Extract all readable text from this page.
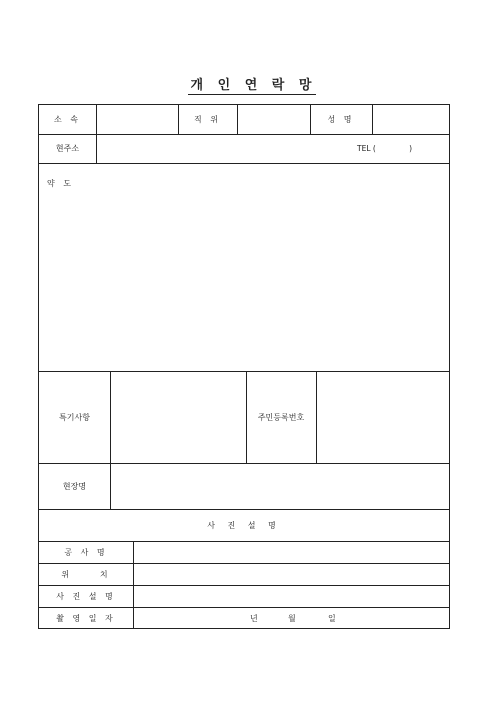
개 인 연 락 망
소 속	직 위	성 명
현주소	TEL (              )
약 도
특기사항	주민등록번호
현장명
사 진 설 명
공 사 명
위     치
사 진 설 명
촬 영 일 자	년	월	일
